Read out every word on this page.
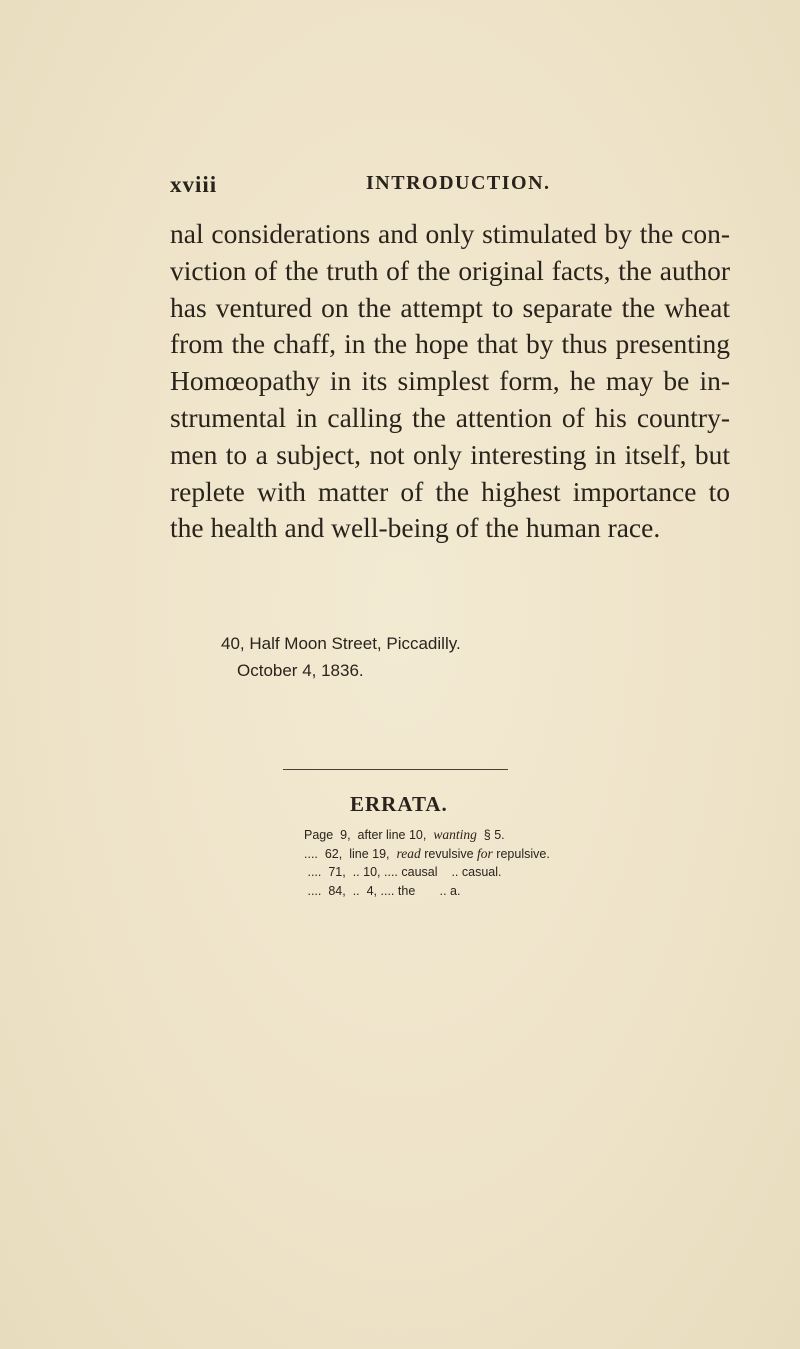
xviii	INTRODUCTION.
nal considerations and only stimulated by the con-
viction of the truth of the original facts, the author
has ventured on the attempt to separate the wheat
from the chaff, in the hope that by thus presenting
Homœopathy in its simplest form, he may be in-
strumental in calling the attention of his country-
men to a subject, not only interesting in itself, but
replete with matter of the highest importance to
the health and well-being of the human race.
40, Half Moon Street, Piccadilly.
October 4, 1836.
ERRATA.
Page 9, after line 10, wanting § 5.
.... 62, line 19, read revulsive for repulsive.
.... 71, .. 10, .... causal .. casual.
.... 84, .. 4, .... the .. a.
